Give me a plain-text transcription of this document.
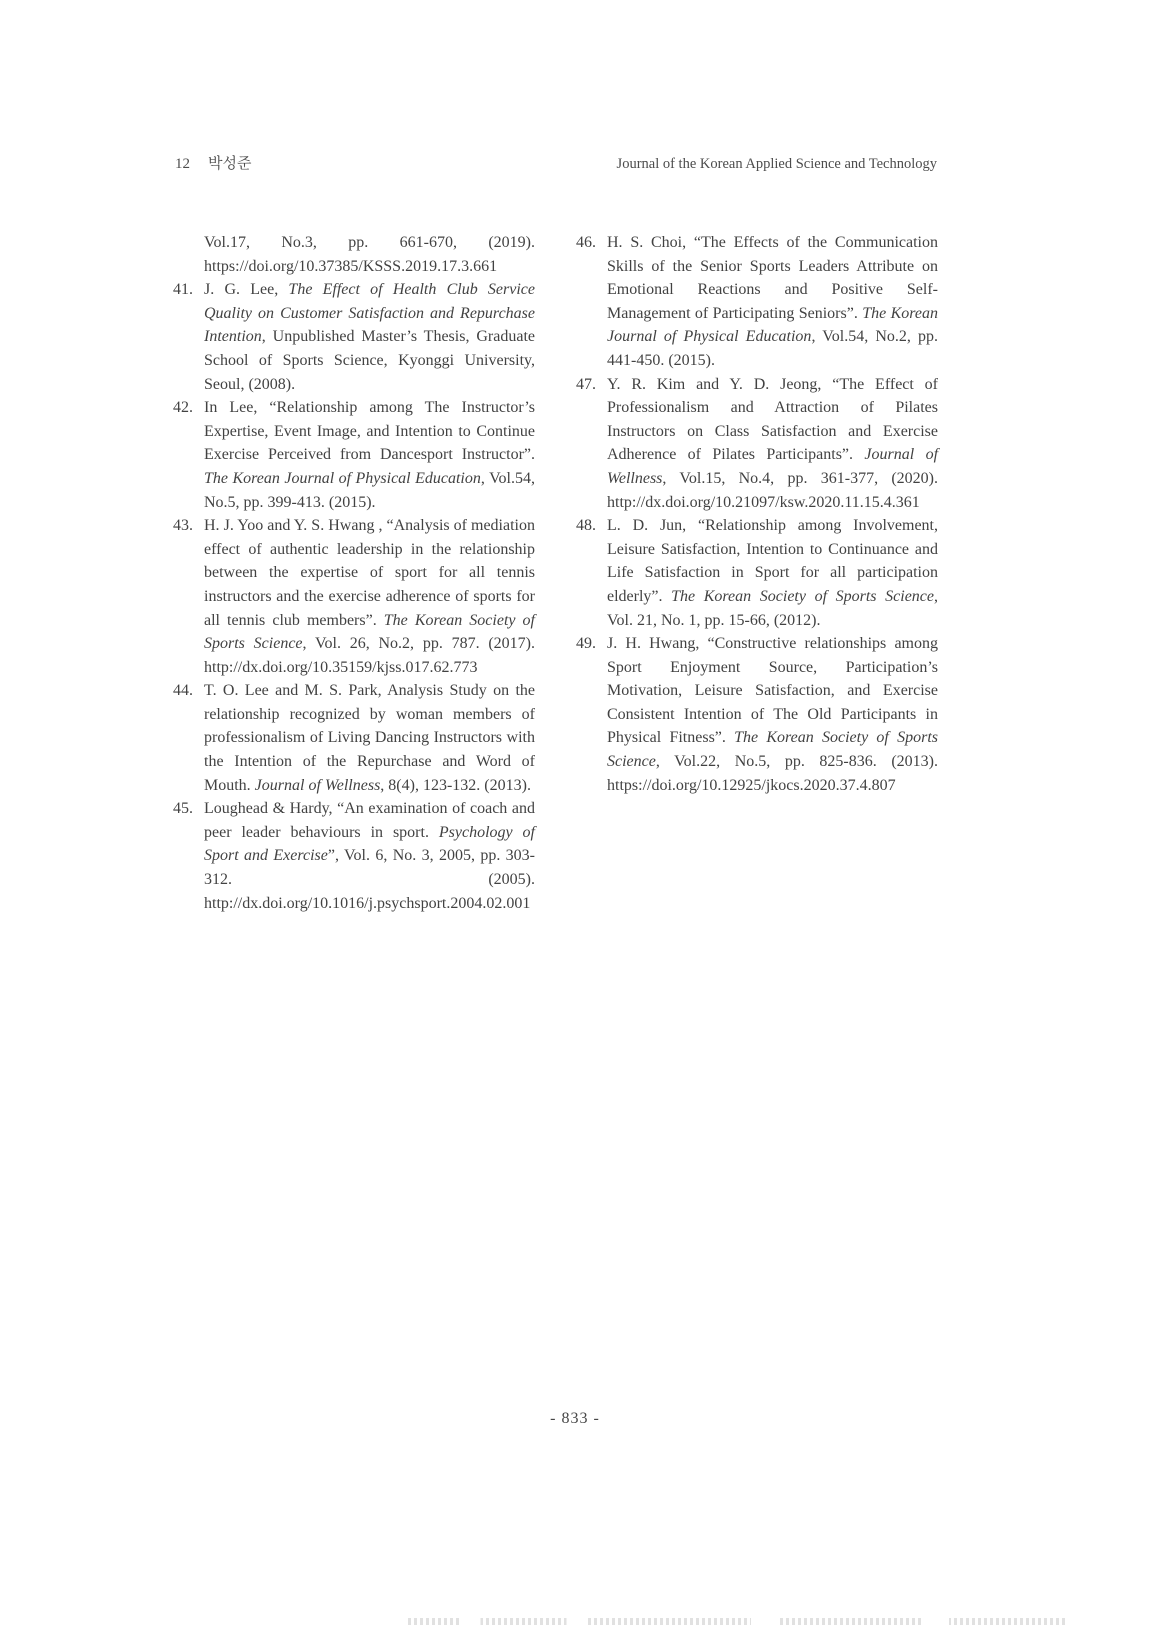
12 박성준	Journal of the Korean Applied Science and Technology
Vol.17, No.3, pp. 661-670, (2019). https://doi.org/10.37385/KSSS.2019.17.3.661
41. J. G. Lee, The Effect of Health Club Service Quality on Customer Satisfaction and Repurchase Intention, Unpublished Master’s Thesis, Graduate School of Sports Science, Kyonggi University, Seoul, (2008).
42. In Lee, “Relationship among The Instructor’s Expertise, Event Image, and Intention to Continue Exercise Perceived from Dancesport Instructor”. The Korean Journal of Physical Education, Vol.54, No.5, pp. 399-413. (2015).
43. H. J. Yoo and Y. S. Hwang , “Analysis of mediation effect of authentic leadership in the relationship between the expertise of sport for all tennis instructors and the exercise adherence of sports for all tennis club members”. The Korean Society of Sports Science, Vol. 26, No.2, pp. 787. (2017). http://dx.doi.org/10.35159/kjss.017.62.773
44. T. O. Lee and M. S. Park, Analysis Study on the relationship recognized by woman members of professionalism of Living Dancing Instructors with the Intention of the Repurchase and Word of Mouth. Journal of Wellness, 8(4), 123-132. (2013).
45. Loughead & Hardy, “An examination of coach and peer leader behaviours in sport. Psychology of Sport and Exercise”, Vol. 6, No. 3, 2005, pp. 303-312. (2005). http://dx.doi.org/10.1016/j.psychsport.2004.02.001
46. H. S. Choi, “The Effects of the Communication Skills of the Senior Sports Leaders Attribute on Emotional Reactions and Positive Self-Management of Participating Seniors”. The Korean Journal of Physical Education, Vol.54, No.2, pp. 441-450. (2015).
47. Y. R. Kim and Y. D. Jeong, “The Effect of Professionalism and Attraction of Pilates Instructors on Class Satisfaction and Exercise Adherence of Pilates Participants”. Journal of Wellness, Vol.15, No.4, pp. 361-377, (2020). http://dx.doi.org/10.21097/ksw.2020.11.15.4.361
48. L. D. Jun, “Relationship among Involvement, Leisure Satisfaction, Intention to Continuance and Life Satisfaction in Sport for all participation elderly”. The Korean Society of Sports Science, Vol. 21, No. 1, pp. 15-66, (2012).
49. J. H. Hwang, “Constructive relationships among Sport Enjoyment Source, Participation’s Motivation, Leisure Satisfaction, and Exercise Consistent Intention of The Old Participants in Physical Fitness”. The Korean Society of Sports Science, Vol.22, No.5, pp. 825-836. (2013). https://doi.org/10.12925/jkocs.2020.37.4.807
- 833 -
